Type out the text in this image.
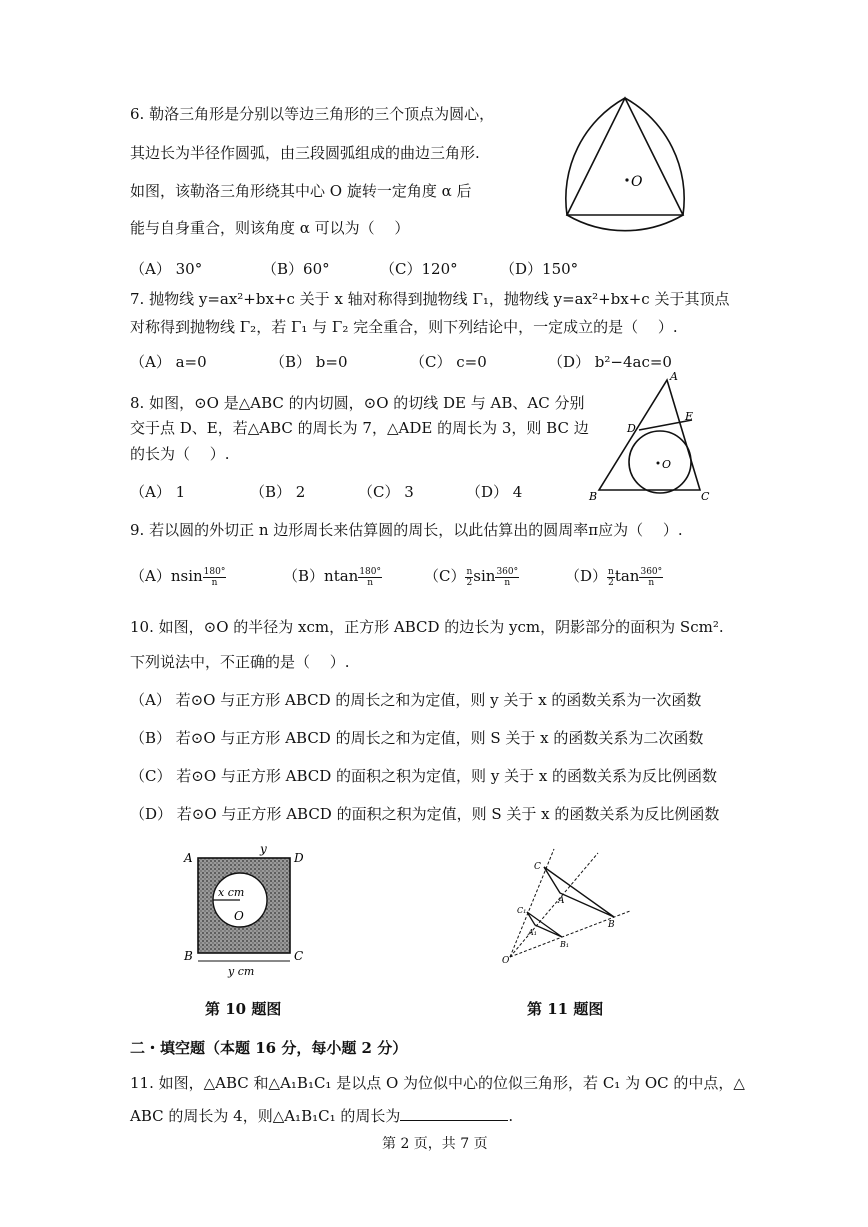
6. 勒洛三角形是分别以等边三角形的三个顶点为圆心，
其边长为半径作圆弧，由三段圆弧组成的曲边三角形.
如图，该勒洛三角形绕其中心 O 旋转一定角度 α 后
能与自身重合，则该角度 α 可以为（　 ）
（A） 30°	（B）60°	（C）120°	（D）150°
O
7. 抛物线 y=ax²+bx+c 关于 x 轴对称得到抛物线 Γ₁，抛物线 y=ax²+bx+c 关于其顶点
对称得到抛物线 Γ₂，若 Γ₁ 与 Γ₂ 完全重合，则下列结论中，一定成立的是（　 ）.
（A） a=0	（B） b=0	（C） c=0	（D） b²−4ac=0
8. 如图，⊙O 是△ABC 的内切圆，⊙O 的切线 DE 与 AB、AC 分别
交于点 D、E，若△ABC 的周长为 7，△ADE 的周长为 3，则 BC 边
的长为（　 ）.
（A） 1	（B） 2	（C） 3	（D） 4
A
B	C
D
E
O
9. 若以圆的外切正 n 边形周长来估算圆的周长，以此估算出的圆周率π应为（　 ）.
$(A)nsin \frac{180^\circ}{n}$	$(B)ntan \frac{180^\circ}{n}$	$(C) \frac{n}{2}$ $\sin \frac{360^\circ}{n}$	$(D) \frac{n}{2}$ $\tan \frac{360^\circ}{n}$
10. 如图，⊙O 的半径为 xcm，正方形 ABCD 的边长为 ycm，阴影部分的面积为 Scm².
下列说法中，不正确的是（　 ）.
（A） 若⊙O 与正方形 ABCD 的周长之和为定值，则 y 关于 x 的函数关系为一次函数
（B） 若⊙O 与正方形 ABCD 的周长之和为定值，则 S 关于 x 的函数关系为二次函数
（C） 若⊙O 与正方形 ABCD 的面积之积为定值，则 y 关于 x 的函数关系为反比例函数
（D） 若⊙O 与正方形 ABCD 的面积之积为定值，则 S 关于 x 的函数关系为反比例函数
A	D
B	C
y
x cm
O
y cm
C
A
B
C₁
A₁
B₁
O
第 10 题图	第 11 题图
二・填空题（本题 16 分，每小题 2 分）
11. 如图，△ABC 和△A₁B₁C₁ 是以点 O 为位似中心的位似三角形，若 C₁ 为 OC 的中点，△
ABC 的周长为 4，则△A₁B₁C₁ 的周长为	.
第 2 页，共 7 页
